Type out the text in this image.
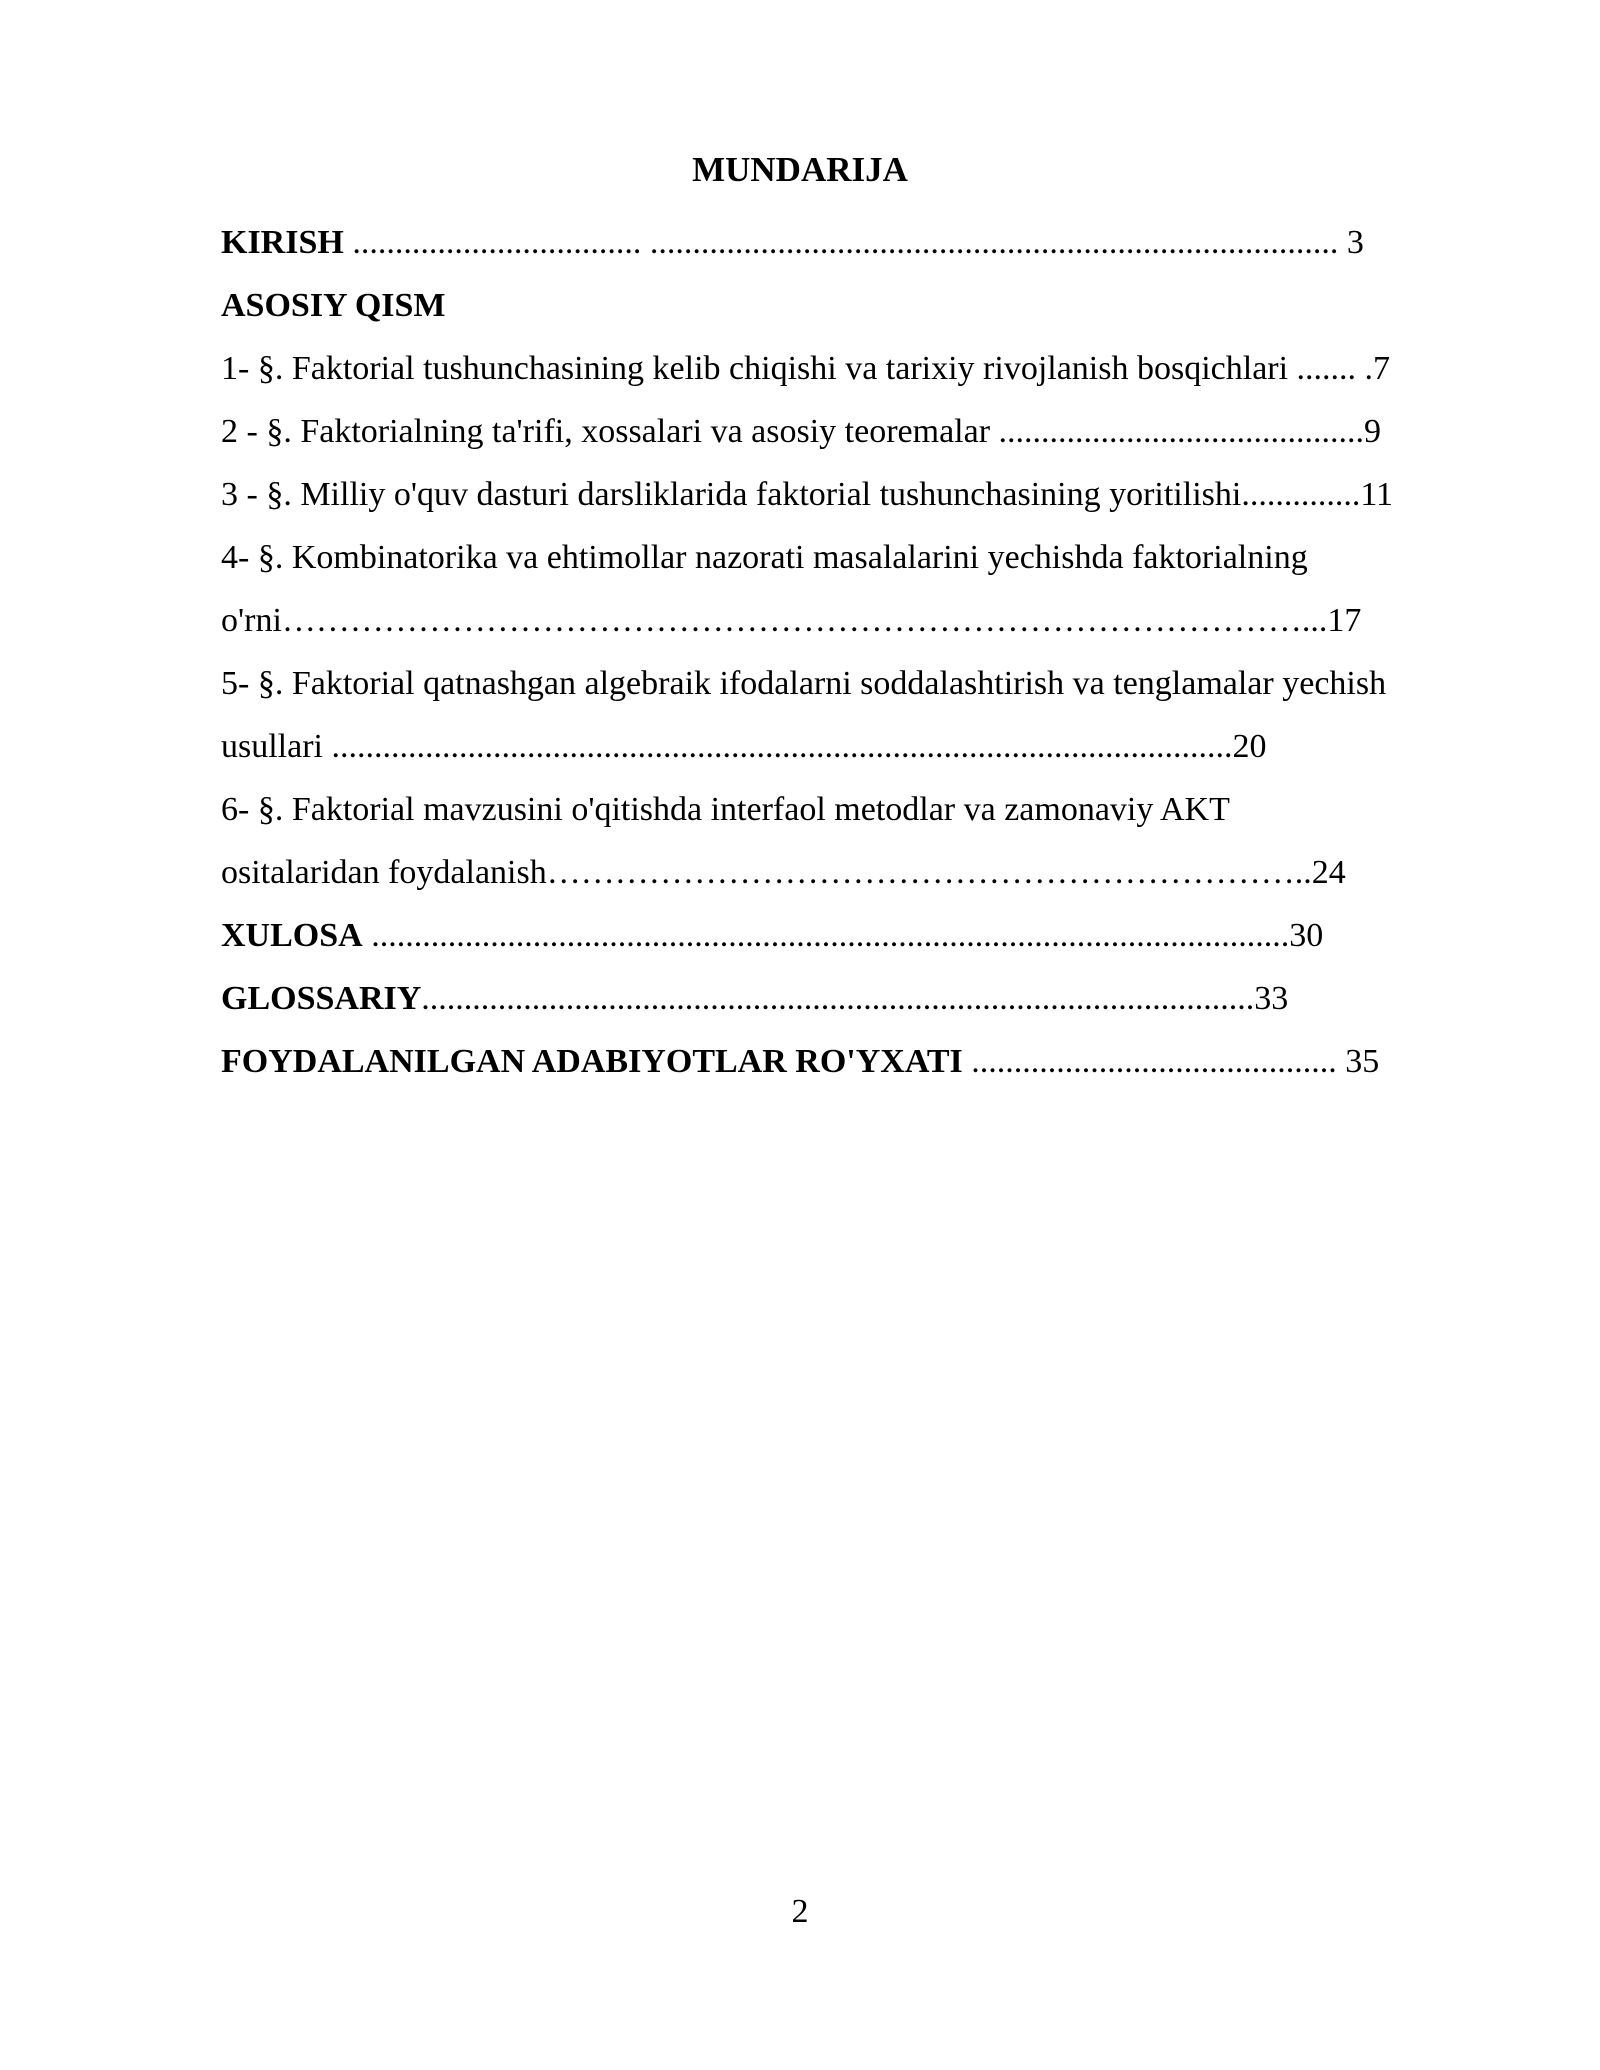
MUNDARIJA
KIRISH .................................. ................................................................................. 3
ASOSIY QISM
1- §. Faktorial tushunchasining kelib chiqishi va tarixiy rivojlanish bosqichlari ....... .7
2 - §. Faktorialning ta'rifi, xossalari va asosiy teoremalar ...........................................9
3 - §. Milliy o'quv dasturi darsliklarida faktorial tushunchasining yoritilishi..............11
4- §. Kombinatorika va ehtimollar nazorati masalalarini yechishda faktorialning
o'rni………………………………………………………………………………...17
5- §. Faktorial qatnashgan algebraik ifodalarni soddalashtirish va tenglamalar yechish
usullari ..........................................................................................................20
6- §. Faktorial mavzusini o'qitishda interfaol metodlar va zamonaviy AKT
ositalaridan foydalanish…………………………………………………………..24
XULOSA ............................................................................................................30
GLOSSARIY..................................................................................................33
FOYDALANILGAN ADABIYOTLAR RO'YXATI ........................................... 35
2
